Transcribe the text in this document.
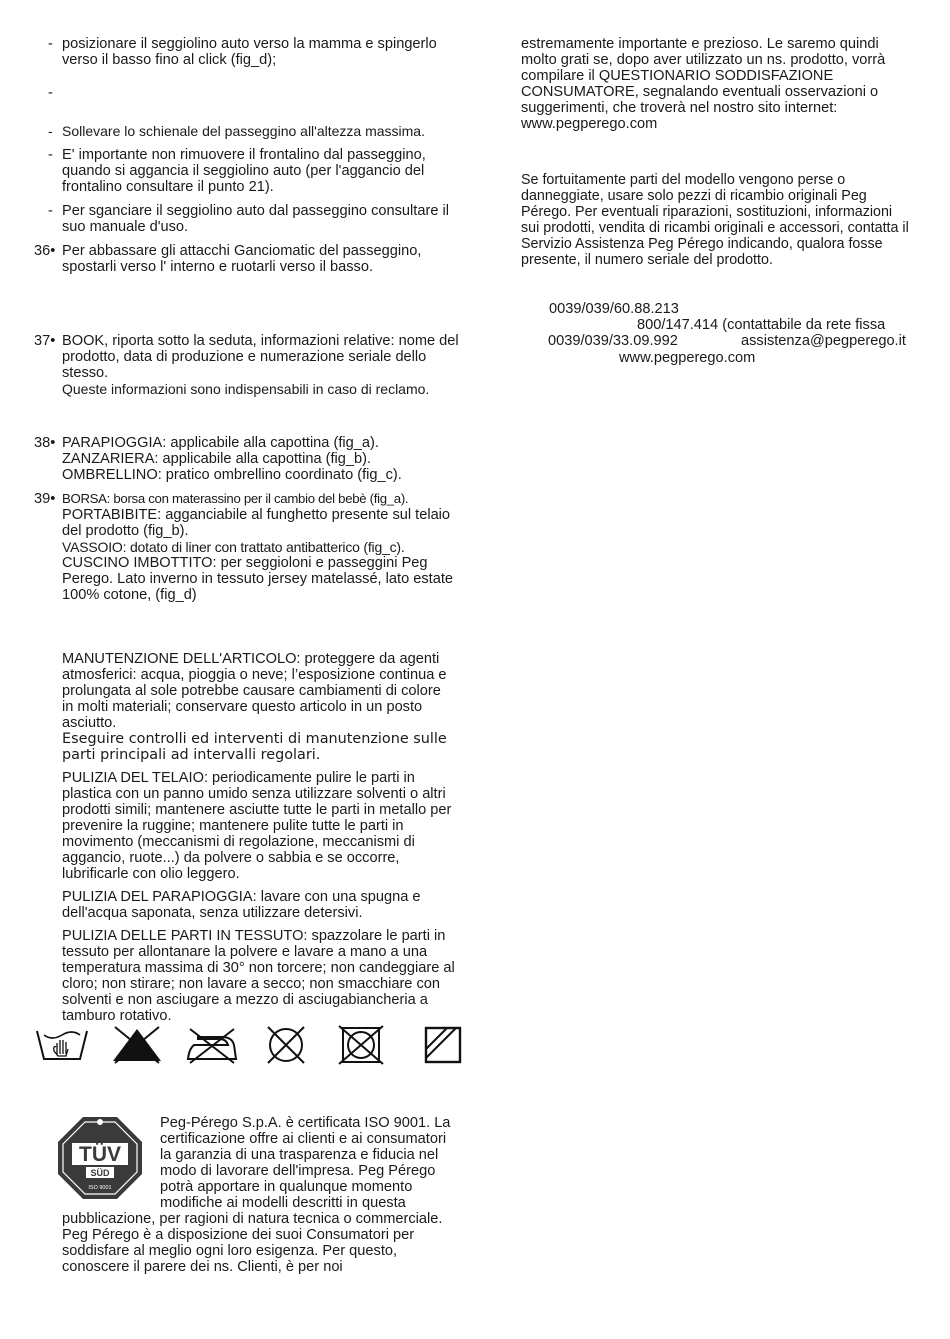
- posizionare il seggiolino auto verso la mamma e spingerlo verso il basso fino al click (fig_d);

-

- Sollevare lo schienale del passeggino all'altezza massima.

- E' importante non rimuovere il frontalino dal passeggino, quando si aggancia il seggiolino auto (per l'aggancio del frontalino consultare il punto 21).

- Per sganciare il seggiolino auto dal passeggino consultare il suo manuale d'uso.

36• Per abbassare gli attacchi Ganciomatic del passeggino, spostarli verso l' interno e ruotarli verso il basso.

37• BOOK, riporta sotto la seduta, informazioni relative: nome del prodotto, data di produzione e numerazione seriale dello stesso.

Queste informazioni sono indispensabili in caso di reclamo.

38• PARAPIOGGIA: applicabile alla capottina (fig_a).

ZANZARIERA: applicabile alla capottina (fig_b).

OMBRELLINO: pratico ombrellino coordinato (fig_c).

39• BORSA: borsa con materassino per il cambio del bebè (fig_a).

PORTABIBITE: agganciabile al funghetto presente sul telaio del prodotto (fig_b).

VASSOIO: dotato di liner con trattato antibatterico (fig_c).

CUSCINO IMBOTTITO: per seggioloni e passeggini Peg Perego. Lato inverno in tessuto jersey matelassé, lato estate 100% cotone, (fig_d)

MANUTENZIONE DELL'ARTICOLO: proteggere da agenti atmosferici: acqua, pioggia o neve; l’esposizione continua e prolungata al sole potrebbe causare cambiamenti di colore in molti materiali; conservare questo articolo in un posto asciutto.

Eseguire controlli ed interventi di manutenzione sulle parti principali ad intervalli regolari.

PULIZIA DEL TELAIO: periodicamente pulire le parti in plastica con un panno umido senza utilizzare solventi o altri prodotti simili; mantenere asciutte tutte le parti in metallo per prevenire la ruggine; mantenere pulite tutte le parti in movimento (meccanismi di regolazione, meccanismi di aggancio, ruote...) da polvere o sabbia e se occorre, lubrificarle con olio leggero.

PULIZIA DEL PARAPIOGGIA: lavare con una spugna e dell'acqua saponata, senza utilizzare detersivi.

PULIZIA DELLE PARTI IN TESSUTO: spazzolare le parti in tessuto per allontanare la polvere e lavare a mano a una temperatura massima di 30° non torcere; non candeggiare al cloro; non stirare; non lavare a secco; non smacchiare con solventi e non asciugare a mezzo di asciugabiancheria a tamburo rotativo.

TÜV
SÜD
ISO 9001

Peg-Pérego S.p.A. è certificata ISO 9001. La certificazione offre ai clienti e ai consumatori la garanzia di una trasparenza e fiducia nel modo di lavorare dell'impresa. Peg Pérego potrà apportare in qualunque momento modifiche ai modelli descritti in questa pubblicazione, per ragioni di natura tecnica o commerciale. Peg Pérego è a disposizione dei suoi Consumatori per soddisfare al meglio ogni loro esigenza. Per questo, conoscere il parere dei ns. Clienti, è per noi

estremamente importante e prezioso. Le saremo quindi molto grati se, dopo aver utilizzato un ns. prodotto, vorrà compilare il QUESTIONARIO SODDISFAZIONE CONSUMATORE, segnalando eventuali osservazioni o suggerimenti, che troverà nel nostro sito internet: www.pegperego.com

Se fortuitamente parti del modello vengono perse o danneggiate, usare solo pezzi di ricambio originali Peg Pérego. Per eventuali riparazioni, sostituzioni, informazioni sui prodotti, vendita di ricambi originali e accessori, contatta il Servizio Assistenza Peg Pérego indicando, qualora fosse presente, il numero seriale del prodotto.

0039/039/60.88.213
800/147.414 (contattabile da rete fissa
0039/039/33.09.992	assistenza@pegperego.it
www.pegperego.com
